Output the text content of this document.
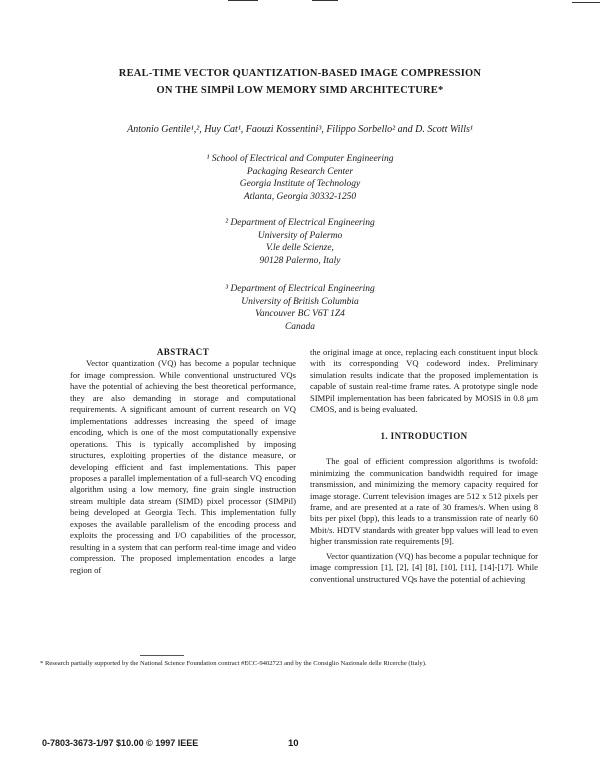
REAL-TIME VECTOR QUANTIZATION-BASED IMAGE COMPRESSION
ON THE SIMPil LOW MEMORY SIMD ARCHITECTURE*
Antonio Gentile¹,², Huy Cat¹, Faouzi Kossentini³, Filippo Sorbello² and D. Scott Wills¹
¹ School of Electrical and Computer Engineering
Packaging Research Center
Georgia Institute of Technology
Atlanta, Georgia 30332-1250
² Department of Electrical Engineering
University of Palermo
V.le delle Scienze,
90128 Palermo, Italy
³ Department of Electrical Engineering
University of British Columbia
Vancouver BC V6T 1Z4
Canada

ABSTRACT

Vector quantization (VQ) has become a popular technique for image compression. While conventional unstructured VQs have the potential of achieving the best theoretical performance, they are also demanding in storage and computational requirements. A significant amount of current research on VQ implementations addresses increasing the speed of image encoding, which is one of the most computationally expensive operations. This is typically accomplished by imposing structures, exploiting properties of the distance measure, or developing efficient and fast implementations. This paper proposes a parallel implementation of a full-search VQ encoding algorithm using a low memory, fine grain single instruction stream multiple data stream (SIMD) pixel processor (SIMPil) being developed at Georgia Tech. This implementation fully exposes the available parallelism of the encoding process and exploits the processing and I/O capabilities of the processor, resulting in a system that can perform real-time image and video compression. The proposed implementation encodes a large region of

the original image at once, replacing each constituent input block with its corresponding VQ codeword index. Preliminary simulation results indicate that the proposed implementation is capable of sustain real-time frame rates. A prototype single node SIMPil implementation has been fabricated by MOSIS in 0.8 μm CMOS, and is being evaluated.

1. INTRODUCTION

The goal of efficient compression algorithms is twofold: minimizing the communication bandwidth required for image transmission, and minimizing the memory capacity required for image storage. Current television images are 512 x 512 pixels per frame, and are presented at a rate of 30 frames/s. When using 8 bits per pixel (bpp), this leads to a transmission rate of nearly 60 Mbit/s. HDTV standards with greater bpp values will lead to even higher transmission rate requirements [9].

Vector quantization (VQ) has become a popular technique for image compression [1], [2], [4] [8], [10], [11], [14]-[17]. While conventional unstructured VQs have the potential of achieving

* Research partially supported by the National Science Foundation contract #ECC-9402723 and by the Consiglio Nazionale delle Ricerche (Italy).
0-7803-3673-1/97 $10.00 © 1997 IEEE	10
